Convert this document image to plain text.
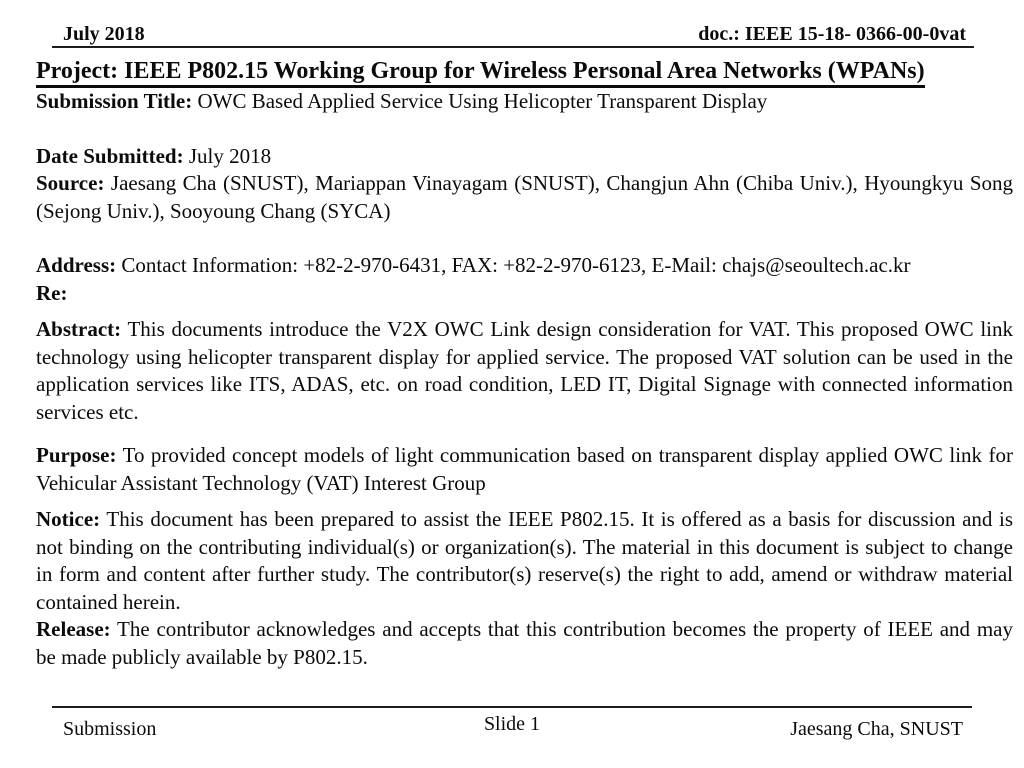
July 2018	doc.: IEEE 15-18- 0366-00-0vat
Project: IEEE P802.15 Working Group for Wireless Personal Area Networks (WPANs)

Submission Title: OWC Based Applied Service Using Helicopter Transparent Display

Date Submitted: July 2018

Source: Jaesang Cha (SNUST), Mariappan Vinayagam (SNUST), Changjun Ahn (Chiba Univ.), Hyoungkyu Song (Sejong Univ.), Sooyoung Chang (SYCA)

Address: Contact Information: +82-2-970-6431, FAX: +82-2-970-6123, E-Mail: chajs@seoultech.ac.kr

Re:

Abstract: This documents introduce the V2X OWC Link design consideration for VAT. This proposed OWC link technology using helicopter transparent display for applied service. The proposed VAT solution can be used in the application services like ITS, ADAS, etc. on road condition, LED IT, Digital Signage with connected information services etc.

Purpose: To provided concept models of light communication based on transparent display applied OWC link for Vehicular Assistant Technology (VAT) Interest Group

Notice: This document has been prepared to assist the IEEE P802.15. It is offered as a basis for discussion and is not binding on the contributing individual(s) or organization(s). The material in this document is subject to change in form and content after further study. The contributor(s) reserve(s) the right to add, amend or withdraw material contained herein.

Release: The contributor acknowledges and accepts that this contribution becomes the property of IEEE and may be made publicly available by P802.15.

Submission	Slide 1	Jaesang Cha, SNUST
